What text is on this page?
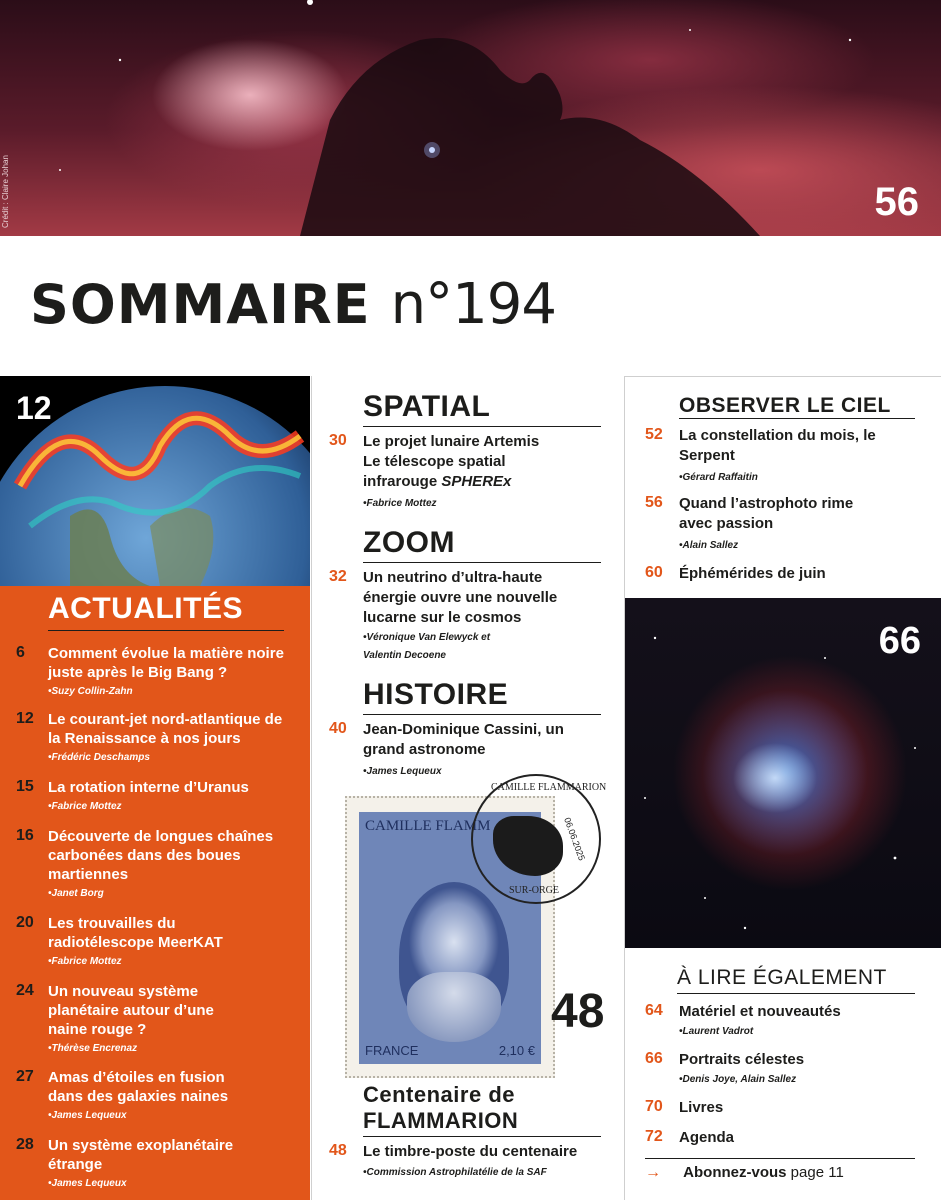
Crédit : Claire Johan	56
SOMMAIRE n°194
12
ACTUALITÉS
6 Comment évolue la matière noire juste après le Big Bang ?
•Suzy Collin-Zahn
12 Le courant-jet nord-atlantique de la Renaissance à nos jours
•Frédéric Deschamps
15 La rotation interne d’Uranus
•Fabrice Mottez
16 Découverte de longues chaînes carbonées dans des boues martiennes
•Janet Borg
20 Les trouvailles du radiotélescope MeerKAT
•Fabrice Mottez
24 Un nouveau système planétaire autour d’une naine rouge ?
•Thérèse Encrenaz
27 Amas d’étoiles en fusion dans des galaxies naines
•James Lequeux
28 Un système exoplanétaire étrange
•James Lequeux
SPATIAL
30 Le projet lunaire Artemis
Le télescope spatial
infrarouge SPHEREx
•Fabrice Mottez
ZOOM
32 Un neutrino d’ultra-haute énergie ouvre une nouvelle lucarne sur le cosmos
•Véronique Van Elewyck et
Valentin Decoene
HISTOIRE
40 Jean-Dominique Cassini, un grand astronome
•James Lequeux
CAMILLE FLAMM
FRANCE	2,10 €
CAMILLE FLAMMARION
06.06.2025
SUR-ORGE
48
Centenaire de
FLAMMARION
48 Le timbre-poste du centenaire
•Commission Astrophilatélie de la SAF
OBSERVER LE CIEL
52 La constellation du mois, le Serpent
•Gérard Raffaitin
56 Quand l’astrophoto rime avec passion
•Alain Sallez
60 Éphémérides de juin
66
À LIRE ÉGALEMENT
64 Matériel et nouveautés
•Laurent Vadrot
66 Portraits célestes
•Denis Joye, Alain Sallez
70 Livres
72 Agenda
→ Abonnez-vous page 11
